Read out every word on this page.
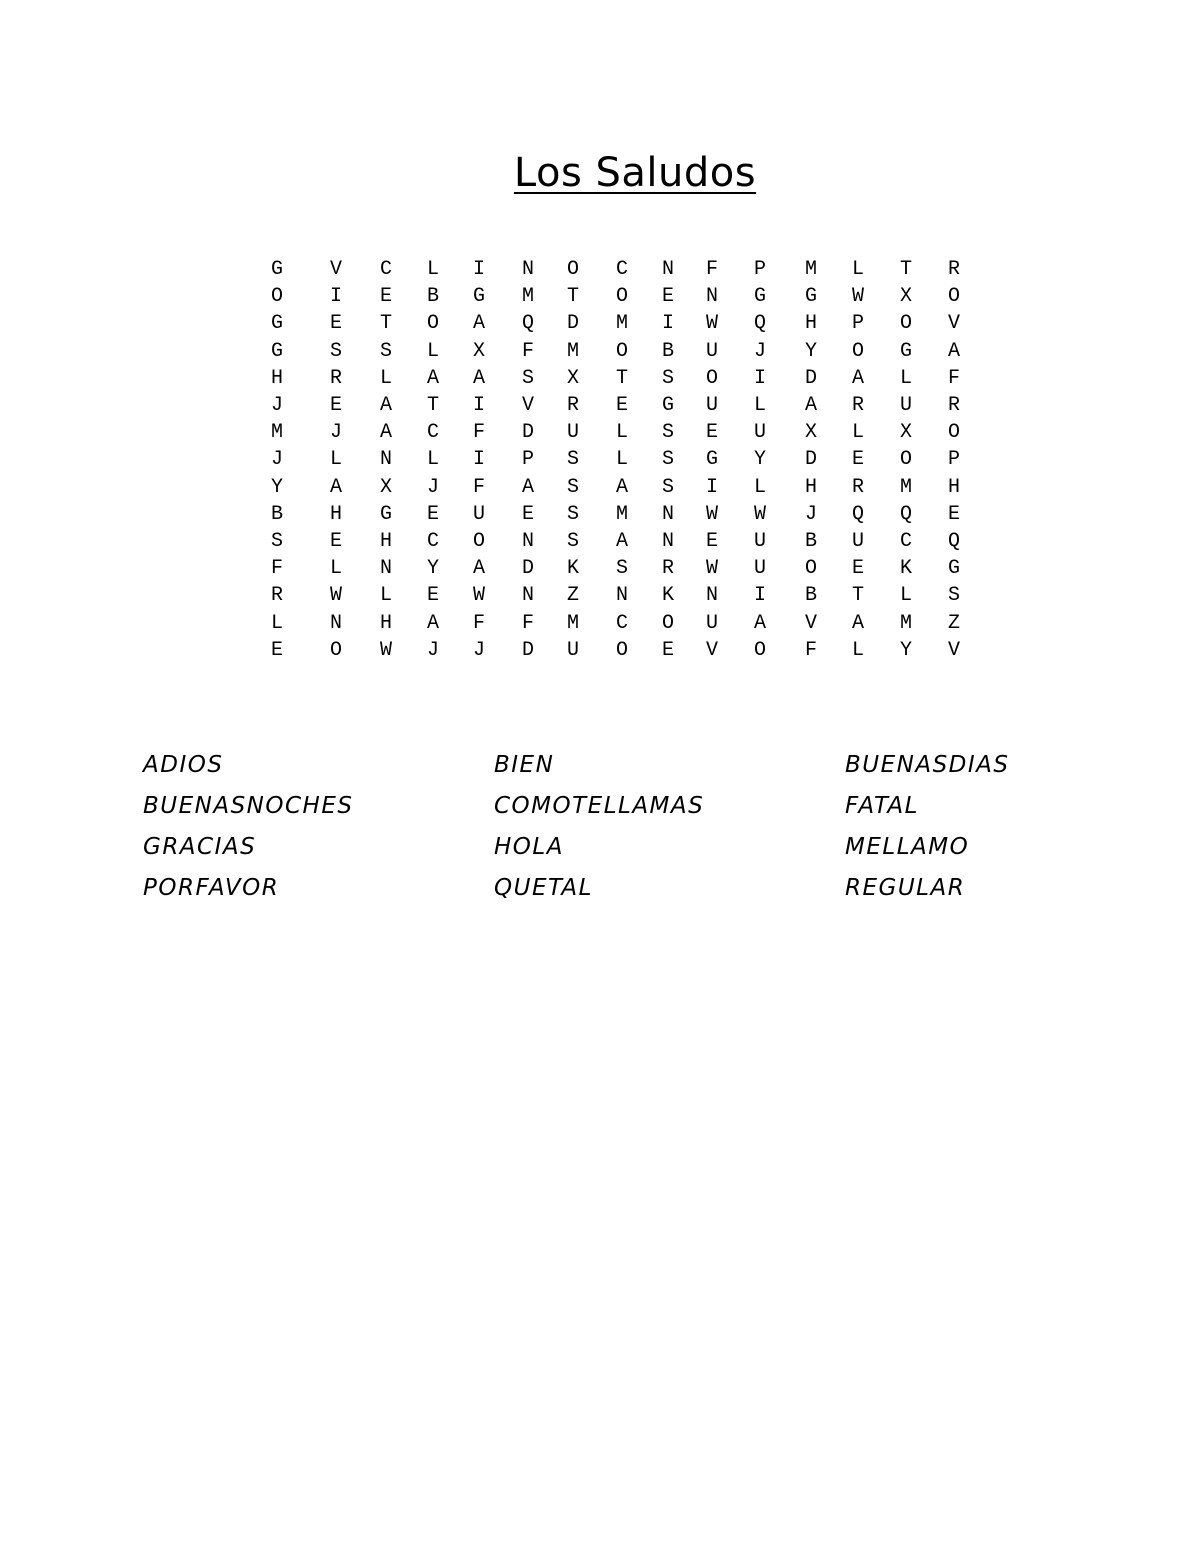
Los Saludos
G	V	C	L	I	N	O	C	N	F	P	M	L	T	R
O	I	E	B	G	M	T	O	E	N	G	G	W	X	O
G	E	T	O	A	Q	D	M	I	W	Q	H	P	O	V
G	S	S	L	X	F	M	O	B	U	J	Y	O	G	A
H	R	L	A	A	S	X	T	S	O	I	D	A	L	F
J	E	A	T	I	V	R	E	G	U	L	A	R	U	R
M	J	A	C	F	D	U	L	S	E	U	X	L	X	O
J	L	N	L	I	P	S	L	S	G	Y	D	E	O	P
Y	A	X	J	F	A	S	A	S	I	L	H	R	M	H
B	H	G	E	U	E	S	M	N	W	W	J	Q	Q	E
S	E	H	C	O	N	S	A	N	E	U	B	U	C	Q
F	L	N	Y	A	D	K	S	R	W	U	O	E	K	G
R	W	L	E	W	N	Z	N	K	N	I	B	T	L	S
L	N	H	A	F	F	M	C	O	U	A	V	A	M	Z
E	O	W	J	J	D	U	O	E	V	O	F	L	Y	V
ADIOS	BIEN	BUENASDIAS
BUENASNOCHES	COMOTELLAMAS	FATAL
GRACIAS	HOLA	MELLAMO
PORFAVOR	QUETAL	REGULAR
